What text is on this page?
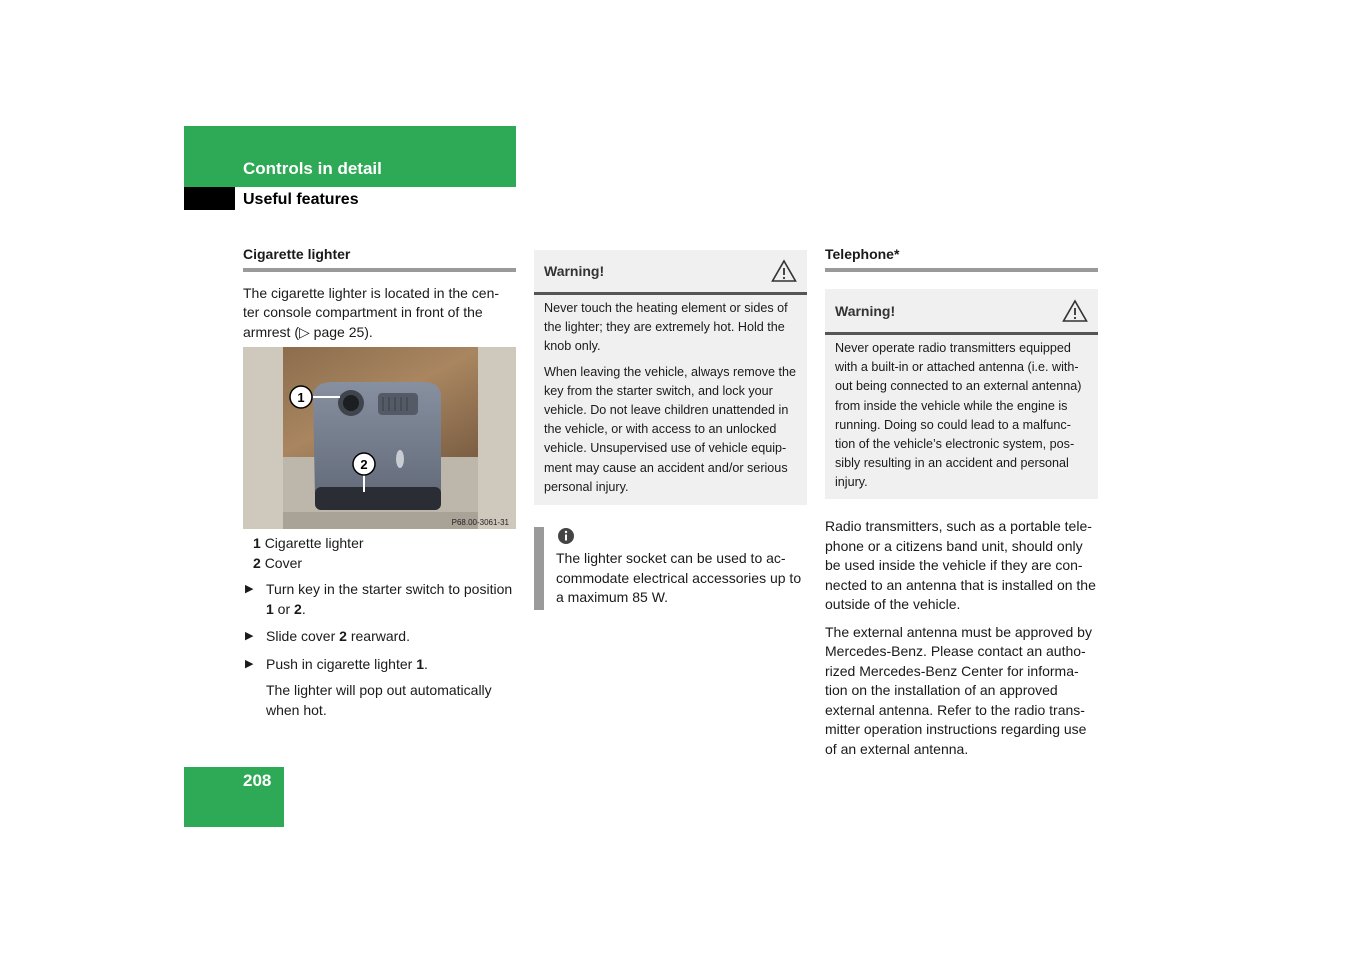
Controls in detail
Useful features
Cigarette lighter

The cigarette lighter is located in the cen- ter console compartment in front of the armrest (▷ page 25).

1
2
P68.00-3061-31
1 Cigarette lighter
2 Cover
▶ Turn key in the starter switch to position 1 or 2.
▶ Slide cover 2 rearward.
▶ Push in cigarette lighter 1.
The lighter will pop out automatically when hot.
Warning!

Never touch the heating element or sides of the lighter; they are extremely hot. Hold the knob only.

When leaving the vehicle, always remove the key from the starter switch, and lock your vehicle. Do not leave children unattended in the vehicle, or with access to an unlocked vehicle. Unsupervised use of vehicle equip- ment may cause an accident and/or serious personal injury.

The lighter socket can be used to ac- commodate electrical accessories up to a maximum 85 W.
Telephone*
Warning!

Never operate radio transmitters equipped with a built-in or attached antenna (i.e. with- out being connected to an external antenna) from inside the vehicle while the engine is running. Doing so could lead to a malfunc- tion of the vehicle’s electronic system, pos- sibly resulting in an accident and personal injury.

Radio transmitters, such as a portable tele- phone or a citizens band unit, should only be used inside the vehicle if they are con- nected to an antenna that is installed on the outside of the vehicle.

The external antenna must be approved by Mercedes-Benz. Please contact an autho- rized Mercedes-Benz Center for informa- tion on the installation of an approved external antenna. Refer to the radio trans- mitter operation instructions regarding use of an external antenna.

208
